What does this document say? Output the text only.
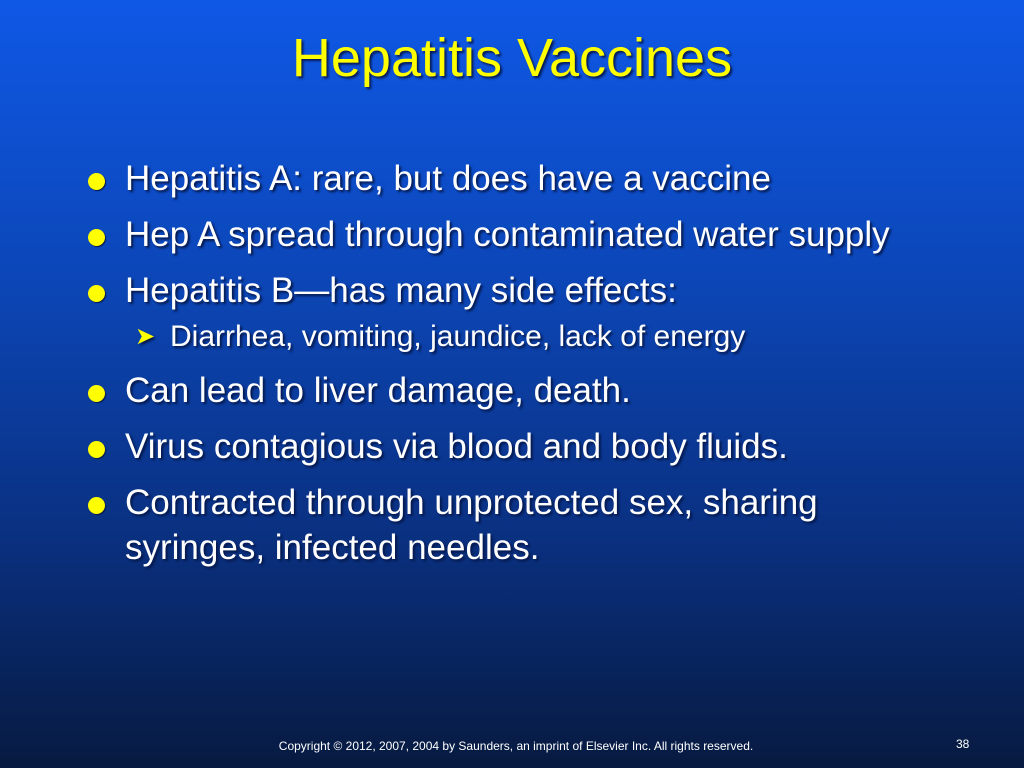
Hepatitis Vaccines
Hepatitis A: rare, but does have a vaccine
Hep A spread through contaminated water supply
Hepatitis B—has many side effects:
➤ Diarrhea, vomiting, jaundice, lack of energy
Can lead to liver damage, death.
Virus contagious via blood and body fluids.
Contracted through unprotected sex, sharing syringes, infected needles.
Copyright © 2012, 2007, 2004 by Saunders, an imprint of Elsevier Inc. All rights reserved.	38
